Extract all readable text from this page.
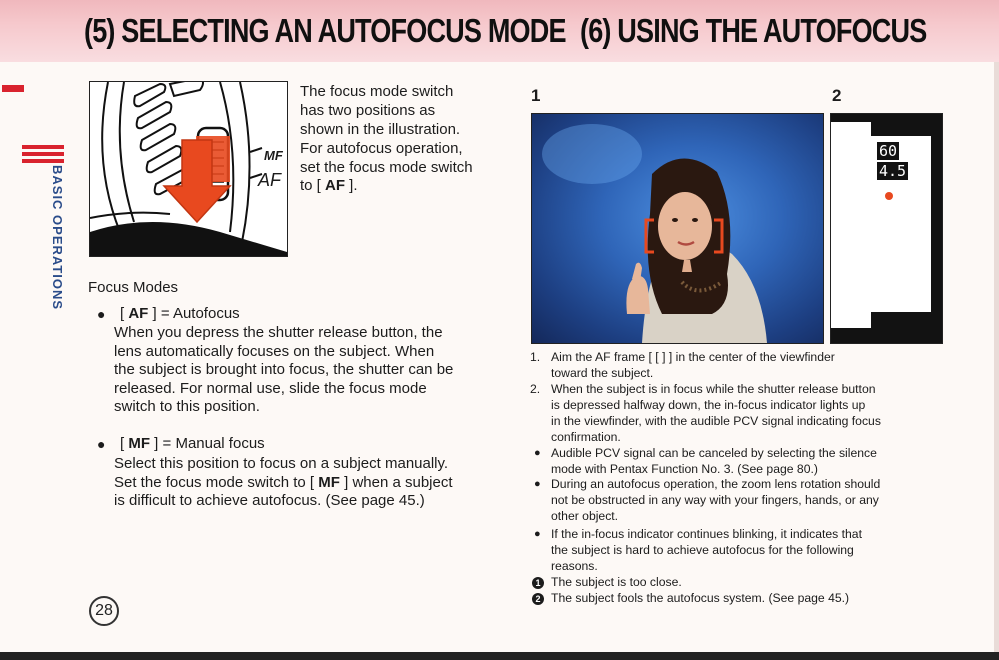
(5) SELECTING AN AUTOFOCUS MODE (6) USING THE AUTOFOCUS
BASIC OPERATIONS
MF
AF
The focus mode switch
has two positions as
shown in the illustration.
For autofocus operation,
set the focus mode switch
to [ AF ].
Focus Modes
● [ AF ] = Autofocus
When you depress the shutter release button, the
lens automatically focuses on the subject. When
the subject is brought into focus, the shutter can be
released. For normal use, slide the focus mode
switch to this position.
● [ MF ] = Manual focus
Select this position to focus on a subject manually.
Set the focus mode switch to [ MF ] when a subject
is difficult to achieve autofocus. (See page 45.)
28
1	2
60
4.5
1. Aim the AF frame [ [ ] ] in the center of the viewfinder
toward the subject.
2. When the subject is in focus while the shutter release button
is depressed halfway down, the in-focus indicator lights up
in the viewfinder, with the audible PCV signal indicating focus
confirmation.
● Audible PCV signal can be canceled by selecting the silence
mode with Pentax Function No. 3. (See page 80.)
● During an autofocus operation, the zoom lens rotation should
not be obstructed in any way with your fingers, hands, or any
other object.
● If the in-focus indicator continues blinking, it indicates that
the subject is hard to achieve autofocus for the following
reasons.
1 The subject is too close.
2 The subject fools the autofocus system. (See page 45.)
